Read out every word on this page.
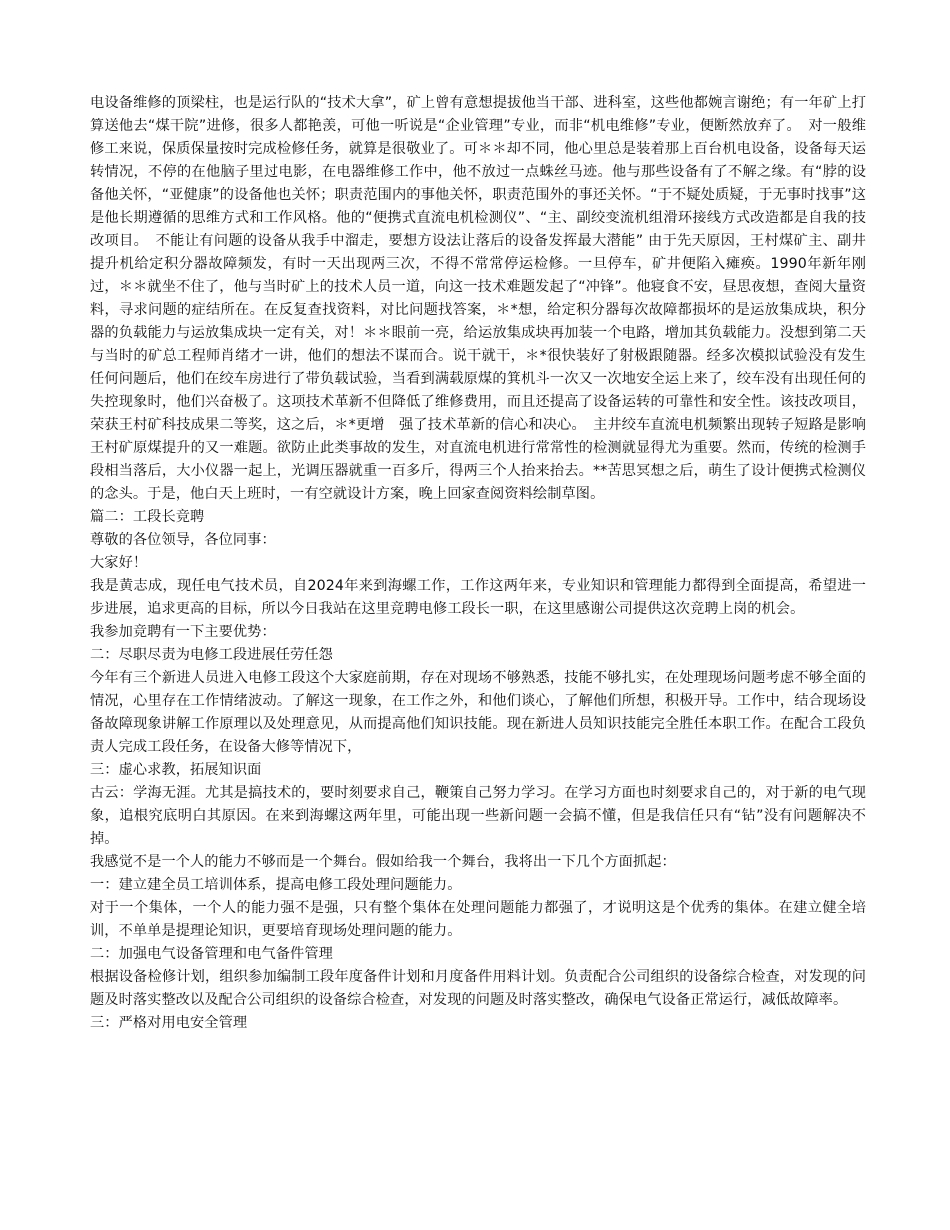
电设备维修的顶梁柱，也是运行队的“技术大拿”，矿上曾有意想提拔他当干部、进科室，这些他都婉言谢绝；有一年矿上打算送他去“煤干院”进修，很多人都艳羡，可他一听说是“企业管理”专业，而非“机电维修”专业，便断然放弃了。　对一般维修工来说，保质保量按时完成检修任务，就算是很敬业了。可＊＊却不同，他心里总是装着那上百台机电设备，设备每天运转情况，不停的在他脑子里过电影，在电器维修工作中，他不放过一点蛛丝马迹。他与那些设备有了不解之缘。有“脖的设备他关怀，“亚健康”的设备他也关怀；职责范围内的事他关怀，职责范围外的事还关怀。“于不疑处质疑，于无事时找事”这是他长期遵循的思维方式和工作风格。他的“便携式直流电机检测仪”、“主、副绞变流机组滑环接线方式改造都是自我的技改项目。　不能让有问题的设备从我手中溜走，要想方设法让落后的设备发挥最大潜能” 由于先天原因，王村煤矿主、副井提升机给定积分器故障频发，有时一天出现两三次，不得不常常停运检修。一旦停车，矿井便陷入瘫痪。1990年新年刚过，＊＊就坐不住了，他与当时矿上的技术人员一道，向这一技术难题发起了“冲锋”。他寝食不安，昼思夜想，查阅大量资料，寻求问题的症结所在。在反复查找资料，对比问题找答案，＊*想，给定积分器每次故障都损坏的是运放集成块，积分器的负载能力与运放集成块一定有关，对！＊＊眼前一亮，给运放集成块再加装一个电路，增加其负载能力。没想到第二天与当时的矿总工程师肖绪才一讲，他们的想法不谋而合。说干就干，＊*很快装好了射极跟随器。经多次模拟试验没有发生任何问题后，他们在绞车房进行了带负载试验，当看到满载原煤的箕机斗一次又一次地安全运上来了，绞车没有出现任何的失控现象时，他们兴奋极了。这项技术革新不但降低了维修费用，而且还提高了设备运转的可靠性和安全性。该技改项目，荣获王村矿科技成果二等奖，这之后，＊*更增　强了技术革新的信心和决心。　主井绞车直流电机频繁出现转子短路是影响王村矿原煤提升的又一难题。欲防止此类事故的发生，对直流电机进行常常性的检测就显得尤为重要。然而，传统的检测手段相当落后，大小仪器一起上，光调压器就重一百多斤，得两三个人抬来抬去。**苦思冥想之后，萌生了设计便携式检测仪的念头。于是，他白天上班时，一有空就设计方案，晚上回家查阅资料绘制草图。

篇二：工段长竞聘

尊敬的各位领导，各位同事：

大家好！

我是黄志成，现任电气技术员，自2024年来到海螺工作，工作这两年来，专业知识和管理能力都得到全面提高，希望进一步进展，追求更高的目标，所以今日我站在这里竞聘电修工段长一职，在这里感谢公司提供这次竞聘上岗的机会。

我参加竞聘有一下主要优势：

二：尽职尽责为电修工段进展任劳任怨

今年有三个新进人员进入电修工段这个大家庭前期，存在对现场不够熟悉，技能不够扎实，在处理现场问题考虑不够全面的情况，心里存在工作情绪波动。了解这一现象，在工作之外，和他们谈心，了解他们所想，积极开导。工作中，结合现场设备故障现象讲解工作原理以及处理意见，从而提高他们知识技能。现在新进人员知识技能完全胜任本职工作。在配合工段负责人完成工段任务，在设备大修等情况下，

三：虚心求教，拓展知识面

古云：学海无涯。尤其是搞技术的，要时刻要求自己，鞭策自己努力学习。在学习方面也时刻要求自己的，对于新的电气现象，追根究底明白其原因。在来到海螺这两年里，可能出现一些新问题一会搞不懂，但是我信任只有“钻”没有问题解决不掉。

我感觉不是一个人的能力不够而是一个舞台。假如给我一个舞台，我将出一下几个方面抓起：

一：建立建全员工培训体系，提高电修工段处理问题能力。

对于一个集体，一个人的能力强不是强，只有整个集体在处理问题能力都强了，才说明这是个优秀的集体。在建立健全培训，不单单是提理论知识，更要培育现场处理问题的能力。

二：加强电气设备管理和电气备件管理

根据设备检修计划，组织参加编制工段年度备件计划和月度备件用料计划。负责配合公司组织的设备综合检查，对发现的问题及时落实整改以及配合公司组织的设备综合检查，对发现的问题及时落实整改，确保电气设备正常运行，减低故障率。

三：严格对用电安全管理
